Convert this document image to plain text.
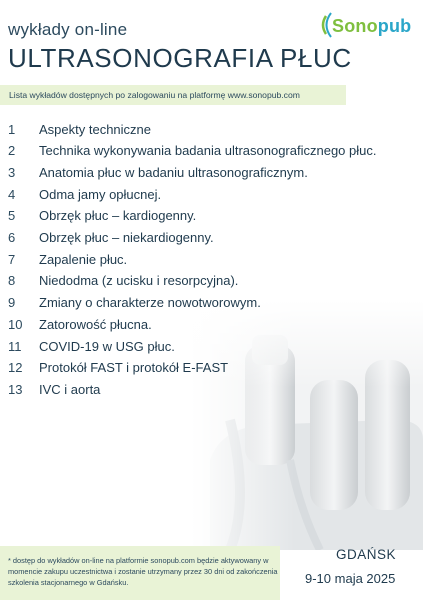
wykłady on-line
ULTRASONOGRAFIA PŁUC
Sonopub
Lista wykładów dostępnych po zalogowaniu na platformę www.sonopub.com
1	Aspekty techniczne
2	Technika wykonywania badania ultrasonograficznego płuc.
3	Anatomia płuc w badaniu ultrasonograficznym.
4	Odma jamy opłucnej.
5	Obrzęk płuc – kardiogenny.
6	Obrzęk płuc – niekardiogenny.
7	Zapalenie płuc.
8	Niedodma (z ucisku i resorpcyjna).
9	Zmiany o charakterze nowotworowym.
10	Zatorowość płucna.
11	COVID-19 w USG płuc.
12	Protokół FAST i protokół E-FAST
13	IVC i aorta
* dostęp do wykładów on-line na platformie sonopub.com będzie aktywowany w momencie zakupu uczestnictwa i zostanie utrzymany przez 30 dni od zakończenia szkolenia stacjonarnego w Gdańsku.
GDAŃSK
9-10 maja 2025
